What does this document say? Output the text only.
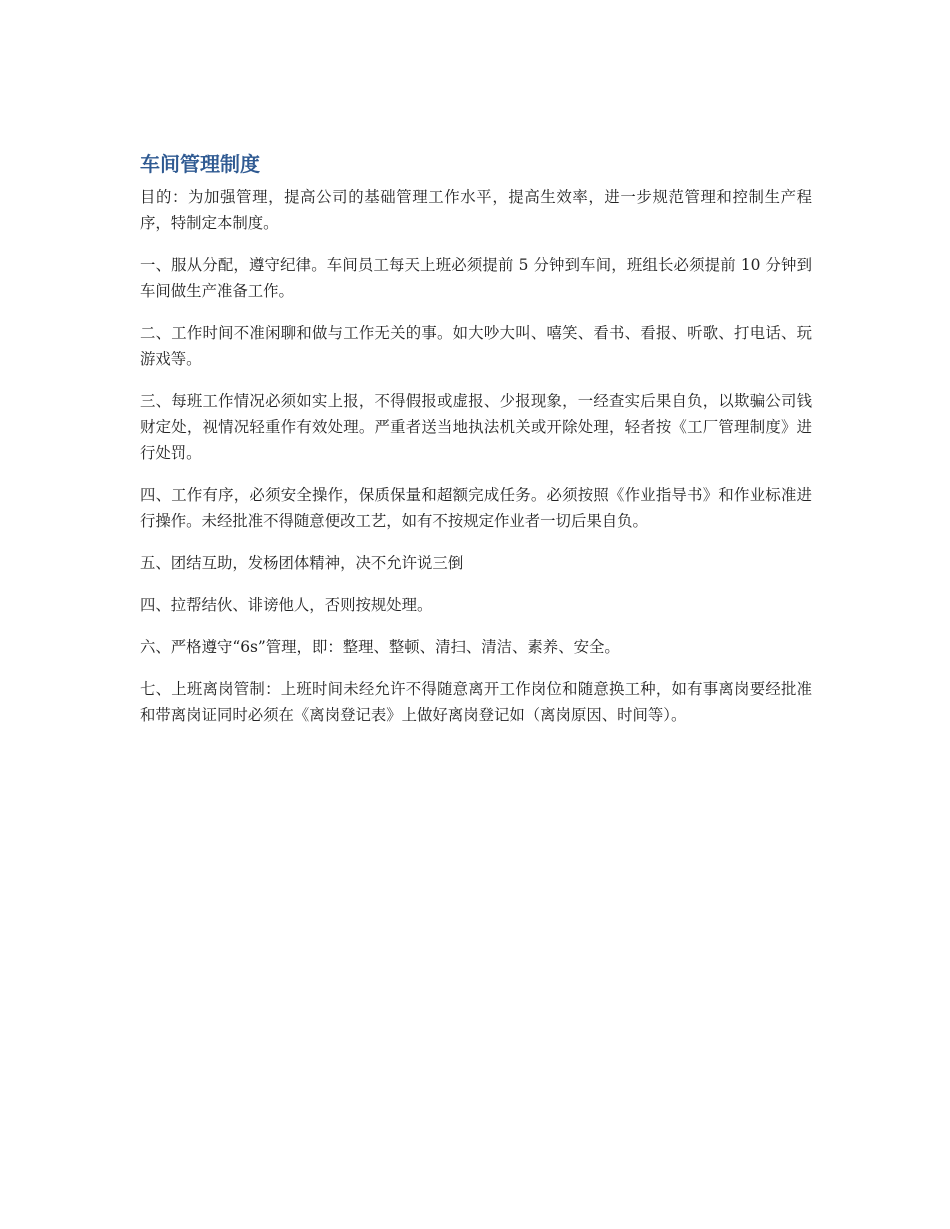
车间管理制度

目的：为加强管理，提高公司的基础管理工作水平，提高生效率，进一步规范管理和控制生产程序，特制定本制度。

一、服从分配，遵守纪律。车间员工每天上班必须提前 5 分钟到车间，班组长必须提前 10 分钟到车间做生产准备工作。

二、工作时间不准闲聊和做与工作无关的事。如大吵大叫、嘻笑、看书、看报、听歌、打电话、玩游戏等。

三、每班工作情况必须如实上报，不得假报或虚报、少报现象，一经查实后果自负，以欺骗公司钱财定处，视情况轻重作有效处理。严重者送当地执法机关或开除处理，轻者按《工厂管理制度》进行处罚。

四、工作有序，必须安全操作，保质保量和超额完成任务。必须按照《作业指导书》和作业标准进行操作。未经批准不得随意便改工艺，如有不按规定作业者一切后果自负。

五、团结互助，发杨团体精神，决不允许说三倒

四、拉帮结伙、诽谤他人，否则按规处理。

六、严格遵守“6s”管理，即：整理、整顿、清扫、清洁、素养、安全。

七、上班离岗管制：上班时间未经允许不得随意离开工作岗位和随意换工种，如有事离岗要经批准和带离岗证同时必须在《离岗登记表》上做好离岗登记如（离岗原因、时间等）。
